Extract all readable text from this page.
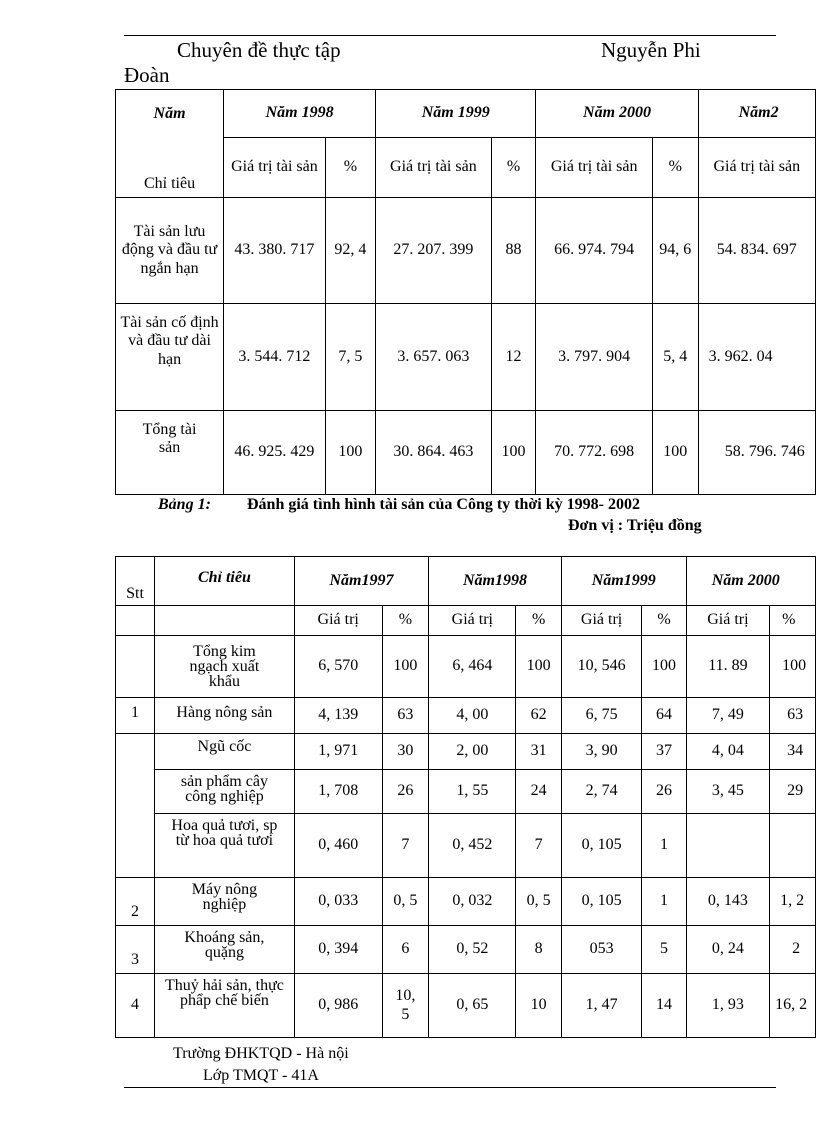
Chuyên đề thực tập	Nguyễn Phi
Đoàn
Năm	Năm 1998		Năm 1999		Năm 2000		Năm2
Chỉ tiêu	Giá trị tài sản	%	Giá trị tài sản	%	Giá trị tài sản	%	Giá trị tài sản
Tài sản lưu động và đầu tư ngắn hạn	43. 380. 717	92, 4	27. 207. 399	88	66. 974. 794	94, 6	54. 834. 697
Tài sản cố định và đầu tư dài hạn	3. 544. 712	7, 5	3. 657. 063	12	3. 797. 904	5, 4	3. 962. 04
Tổng tài sản	46. 925. 429	100	30. 864. 463	100	70. 772. 698	100	58. 796. 746
Bảng 1: Đánh giá tình hình tài sản của Công ty thời kỳ 1998- 2002
Đơn vị : Triệu đồng
Stt	Chỉ tiêu	Năm1997		Năm1998		Năm1999		Năm 2000	
		Giá trị	%	Giá trị	%	Giá trị	%	Giá trị	%
	Tổng kim ngạch xuất khẩu	6, 570	100	6, 464	100	10, 546	100	11. 89	100
1	Hàng nông sản	4, 139	63	4, 00	62	6, 75	64	7, 49	63
	Ngũ cốc	1, 971	30	2, 00	31	3, 90	37	4, 04	34
	sản phẩm cây công nghiệp	1, 708	26	1, 55	24	2, 74	26	3, 45	29
	Hoa quả tươi, sp từ hoa quả tươi	0, 460	7	0, 452	7	0, 105	1		
2	Máy nông nghiệp	0, 033	0, 5	0, 032	0, 5	0, 105	1	0, 143	1, 2
3	Khoáng sản, quặng	0, 394	6	0, 52	8	053	5	0, 24	2
4	Thuỷ hải sản, thực phẩp chế biến	0, 986	10, 5	0, 65	10	1, 47	14	1, 93	16, 2
Trường ĐHKTQD - Hà nội
Lớp TMQT - 41A
